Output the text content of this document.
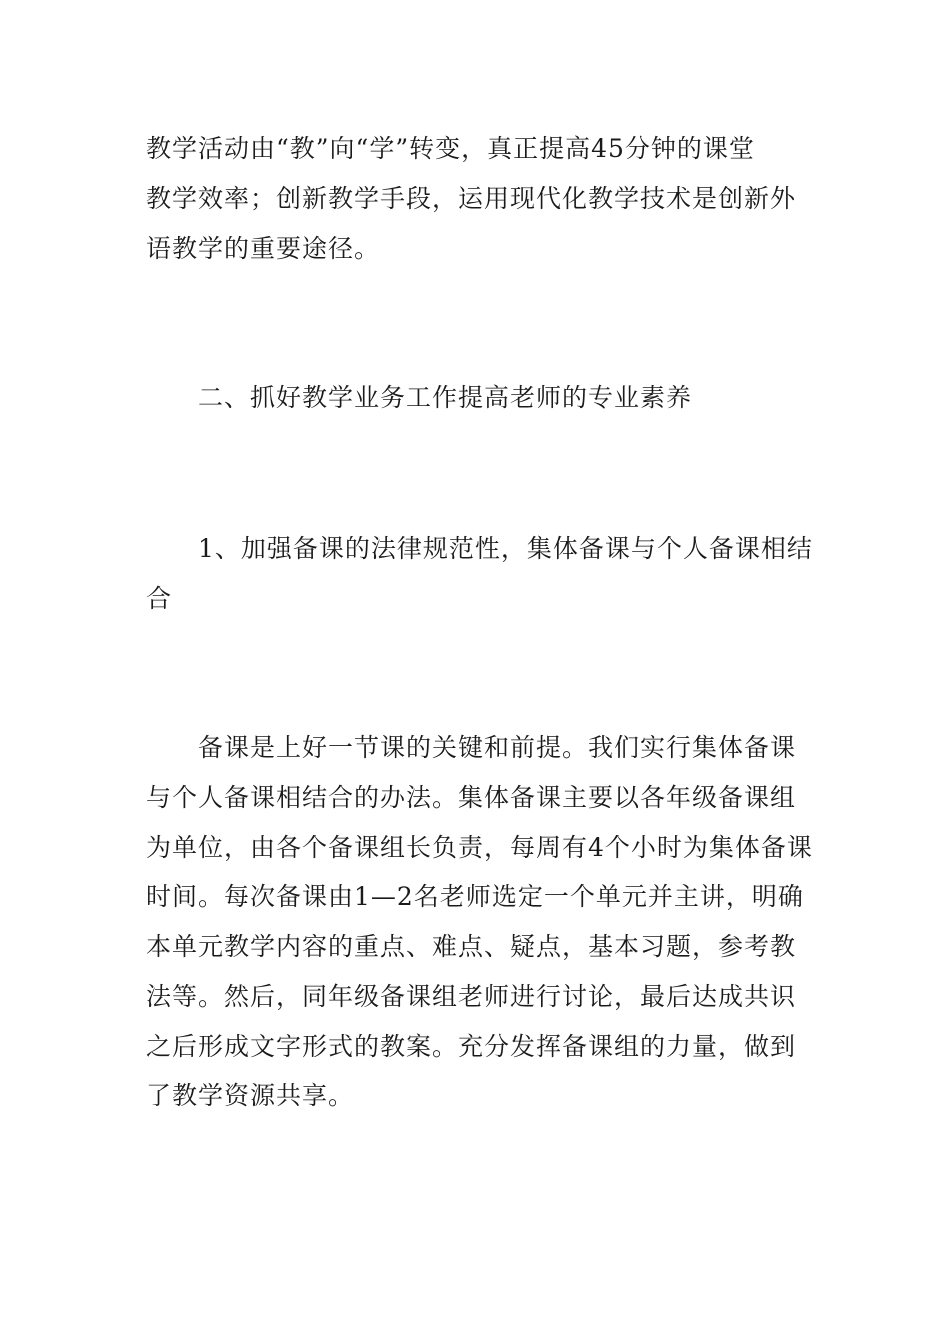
教学活动由“教”向“学”转变，真正提高45分钟的课堂
教学效率；创新教学手段，运用现代化教学技术是创新外
语教学的重要途径。
二、抓好教学业务工作提高老师的专业素养
1、加强备课的法律规范性，集体备课与个人备课相结
合
备课是上好一节课的关键和前提。我们实行集体备课
与个人备课相结合的办法。集体备课主要以各年级备课组
为单位，由各个备课组长负责，每周有4个小时为集体备课
时间。每次备课由1—2名老师选定一个单元并主讲，明确
本单元教学内容的重点、难点、疑点，基本习题，参考教
法等。然后，同年级备课组老师进行讨论，最后达成共识
之后形成文字形式的教案。充分发挥备课组的力量，做到
了教学资源共享。
